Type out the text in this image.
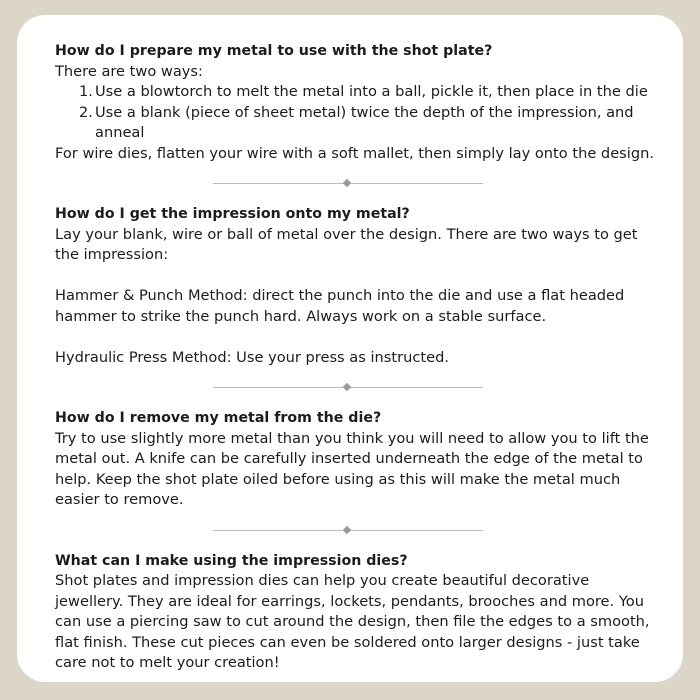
How do I prepare my metal to use with the shot plate?

There are two ways:

1. Use a blowtorch to melt the metal into a ball, pickle it, then place in the die
2. Use a blank (piece of sheet metal) twice the depth of the impression, and anneal

For wire dies, flatten your wire with a soft mallet, then simply lay onto the design.

How do I get the impression onto my metal?

Lay your blank, wire or ball of metal over the design. There are two ways to get the impression:

Hammer & Punch Method: direct the punch into the die and use a flat headed hammer to strike the punch hard. Always work on a stable surface.

Hydraulic Press Method: Use your press as instructed.

How do I remove my metal from the die?

Try to use slightly more metal than you think you will need to allow you to lift the metal out. A knife can be carefully inserted underneath the edge of the metal to help. Keep the shot plate oiled before using as this will make the metal much easier to remove.

What can I make using the impression dies?

Shot plates and impression dies can help you create beautiful decorative jewellery. They are ideal for earrings, lockets, pendants, brooches and more. You can use a piercing saw to cut around the design, then file the edges to a smooth, flat finish. These cut pieces can even be soldered onto larger designs - just take care not to melt your creation!
